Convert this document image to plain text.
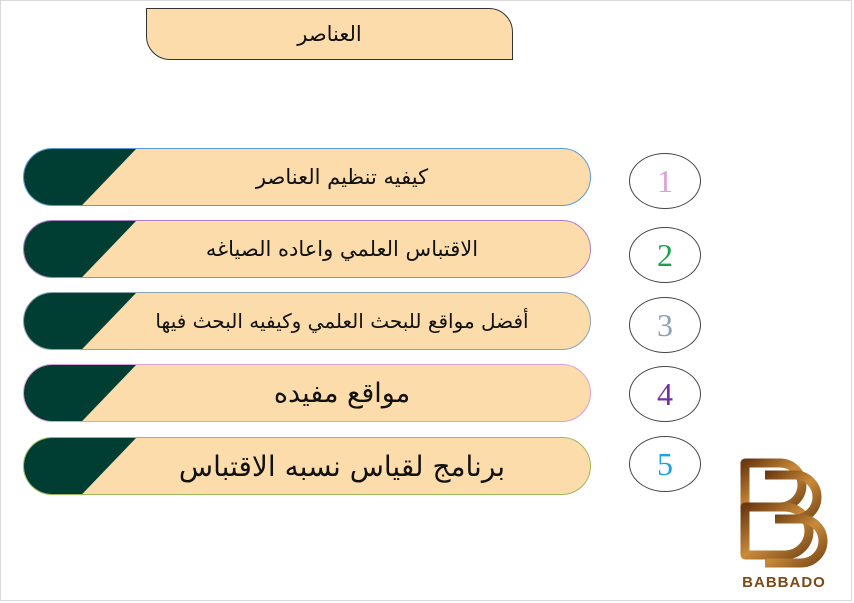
العناصر
كيفيه تنظيم العناصر	1
الاقتباس العلمي واعاده الصياغه	2
أفضل مواقع للبحث العلمي وكيفيه البحث فيها	3
مواقع مفيده	4
برنامج لقياس نسبه الاقتباس	5
BABBADO
